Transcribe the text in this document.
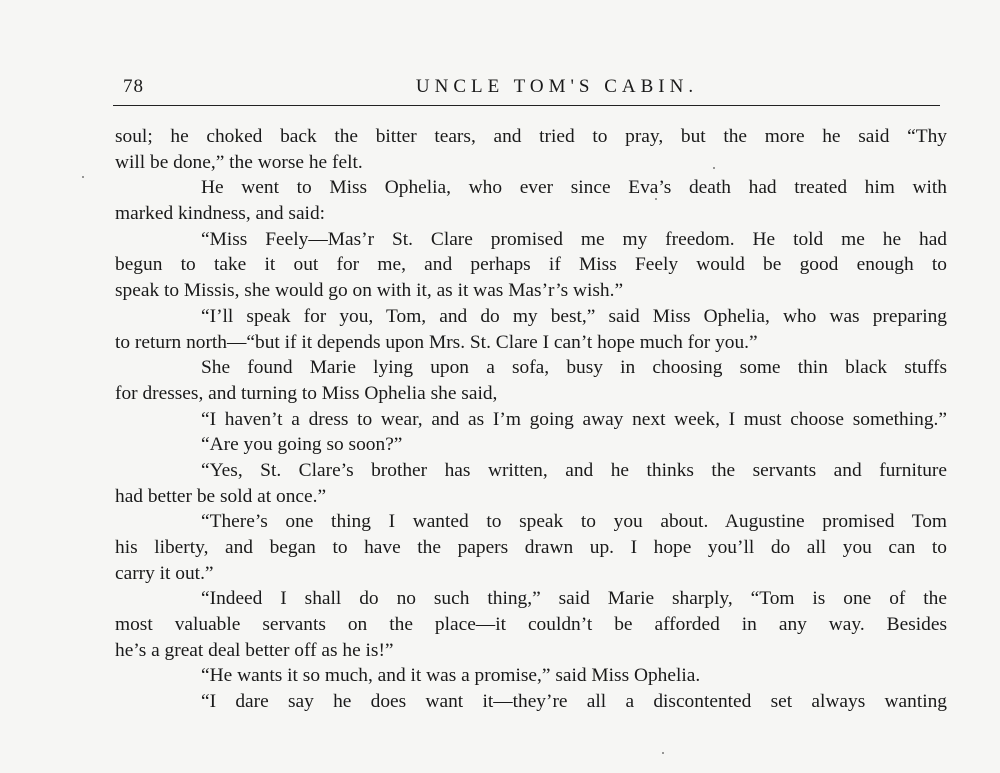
78	UNCLE TOM'S CABIN.
soul; he choked back the bitter tears, and tried to pray, but the more he said “Thy
will be done,” the worse he felt.
He went to Miss Ophelia, who ever since Eva’s death had treated him with
marked kindness, and said:
“Miss Feely—Mas’r St. Clare promised me my freedom. He told me he had
begun to take it out for me, and perhaps if Miss Feely would be good enough to
speak to Missis, she would go on with it, as it was Mas’r’s wish.”
“I’ll speak for you, Tom, and do my best,” said Miss Ophelia, who was preparing
to return north—“but if it depends upon Mrs. St. Clare I can’t hope much for you.”
She found Marie lying upon a sofa, busy in choosing some thin black stuffs
for dresses, and turning to Miss Ophelia she said,
“I haven’t a dress to wear, and as I’m going away next week, I must choose something.”
“Are you going so soon?”
“Yes, St. Clare’s brother has written, and he thinks the servants and furniture
had better be sold at once.”
“There’s one thing I wanted to speak to you about. Augustine promised Tom
his liberty, and began to have the papers drawn up. I hope you’ll do all you can to
carry it out.”
“Indeed I shall do no such thing,” said Marie sharply, “Tom is one of the
most valuable servants on the place—it couldn’t be afforded in any way. Besides
he’s a great deal better off as he is!”
“He wants it so much, and it was a promise,” said Miss Ophelia.
“I dare say he does want it—they’re all a discontented set always wanting
